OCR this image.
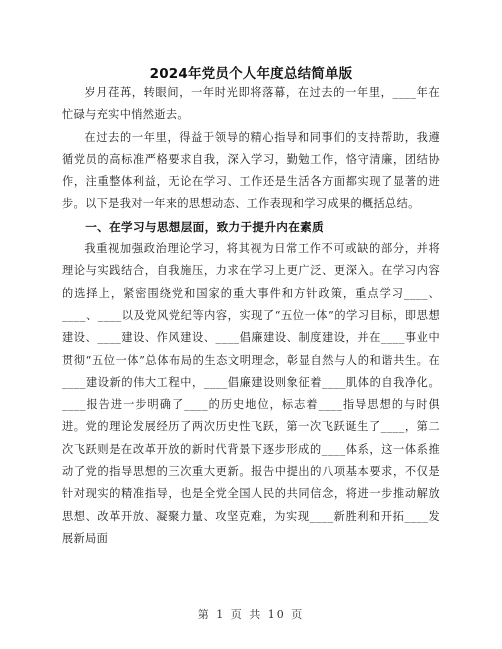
2024年党员个人年度总结简单版

岁月荏苒，转眼间，一年时光即将落幕，在过去的一年里，____年在忙碌与充实中悄然逝去。

在过去的一年里，得益于领导的精心指导和同事们的支持帮助，我遵循党员的高标准严格要求自我，深入学习，勤勉工作，恪守清廉，团结协作，注重整体利益，无论在学习、工作还是生活各方面都实现了显著的进步。以下是我对一年来的思想动态、工作表现和学习成果的概括总结。

一、在学习与思想层面，致力于提升内在素质

我重视加强政治理论学习，将其视为日常工作不可或缺的部分，并将理论与实践结合，自我施压，力求在学习上更广泛、更深入。在学习内容的选择上，紧密围绕党和国家的重大事件和方针政策，重点学习____、____、____以及党风党纪等内容，实现了“五位一体”的学习目标，即思想建设、____建设、作风建设、____倡廉建设、制度建设，并在____事业中贯彻“五位一体”总体布局的生态文明理念，彰显自然与人的和谐共生。在____建设新的伟大工程中，____倡廉建设则象征着____肌体的自我净化。____报告进一步明确了____的历史地位，标志着____指导思想的与时俱进。党的理论发展经历了两次历史性飞跃，第一次飞跃诞生了____，第二次飞跃则是在改革开放的新时代背景下逐步形成的____体系，这一体系推动了党的指导思想的三次重大更新。报告中提出的八项基本要求，不仅是针对现实的精准指导，也是全党全国人民的共同信念，将进一步推动解放思想、改革开放、凝聚力量、攻坚克难，为实现____新胜利和开拓____发展新局面

第 1 页 共 10 页
